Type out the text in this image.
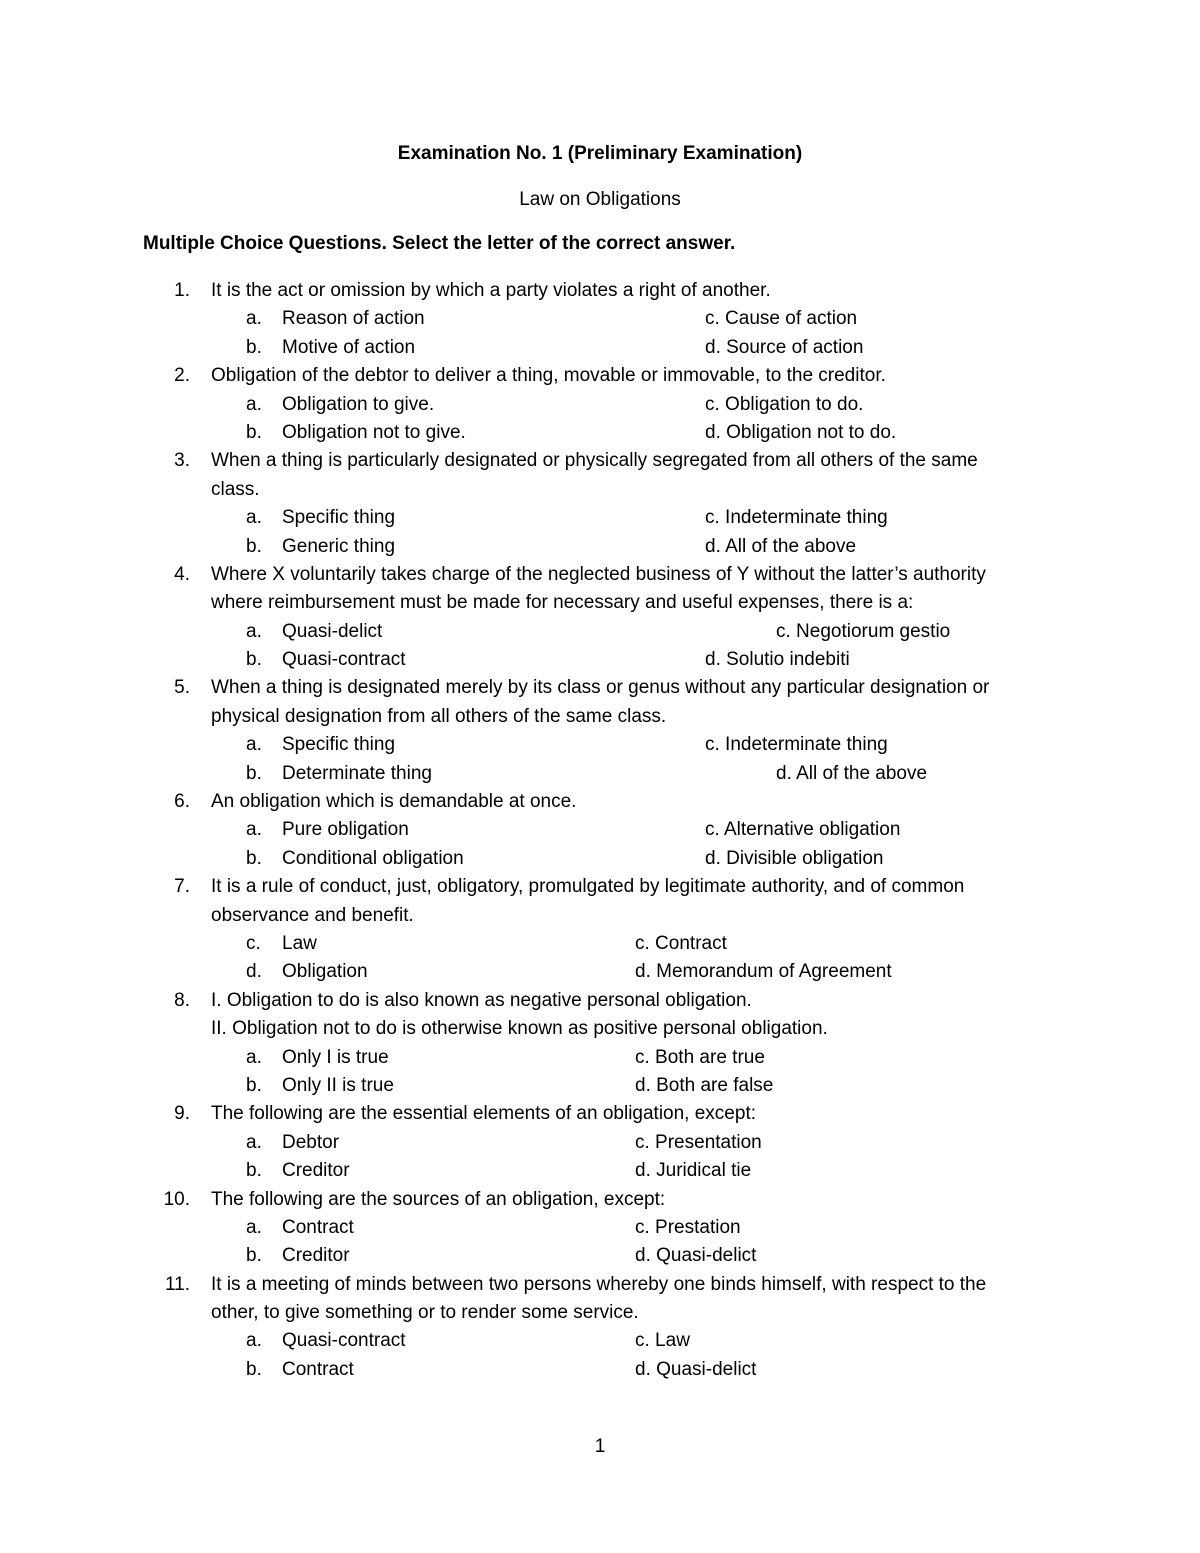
Examination No. 1 (Preliminary Examination)
Law on Obligations
Multiple Choice Questions. Select the letter of the correct answer.
1. It is the act or omission by which a party violates a right of another.
a. Reason of action	c. Cause of action
b. Motive of action	d. Source of action
2. Obligation of the debtor to deliver a thing, movable or immovable, to the creditor.
a. Obligation to give.	c. Obligation to do.
b. Obligation not to give.	d. Obligation not to do.
3. When a thing is particularly designated or physically segregated from all others of the same
class.
a. Specific thing	c. Indeterminate thing
b. Generic thing	d. All of the above
4. Where X voluntarily takes charge of the neglected business of Y without the latter’s authority
where reimbursement must be made for necessary and useful expenses, there is a:
a. Quasi-delict	c. Negotiorum gestio
b. Quasi-contract	d. Solutio indebiti
5. When a thing is designated merely by its class or genus without any particular designation or
physical designation from all others of the same class.
a. Specific thing	c. Indeterminate thing
b. Determinate thing	d. All of the above
6. An obligation which is demandable at once.
a. Pure obligation	c. Alternative obligation
b. Conditional obligation	d. Divisible obligation
7. It is a rule of conduct, just, obligatory, promulgated by legitimate authority, and of common
observance and benefit.
c. Law	c. Contract
d. Obligation	d. Memorandum of Agreement
8. I. Obligation to do is also known as negative personal obligation.
II. Obligation not to do is otherwise known as positive personal obligation.
a. Only I is true	c. Both are true
b. Only II is true	d. Both are false
9. The following are the essential elements of an obligation, except:
a. Debtor	c. Presentation
b. Creditor	d. Juridical tie
10. The following are the sources of an obligation, except:
a. Contract	c. Prestation
b. Creditor	d. Quasi-delict
11. It is a meeting of minds between two persons whereby one binds himself, with respect to the
other, to give something or to render some service.
a. Quasi-contract	c. Law
b. Contract	d. Quasi-delict
1
